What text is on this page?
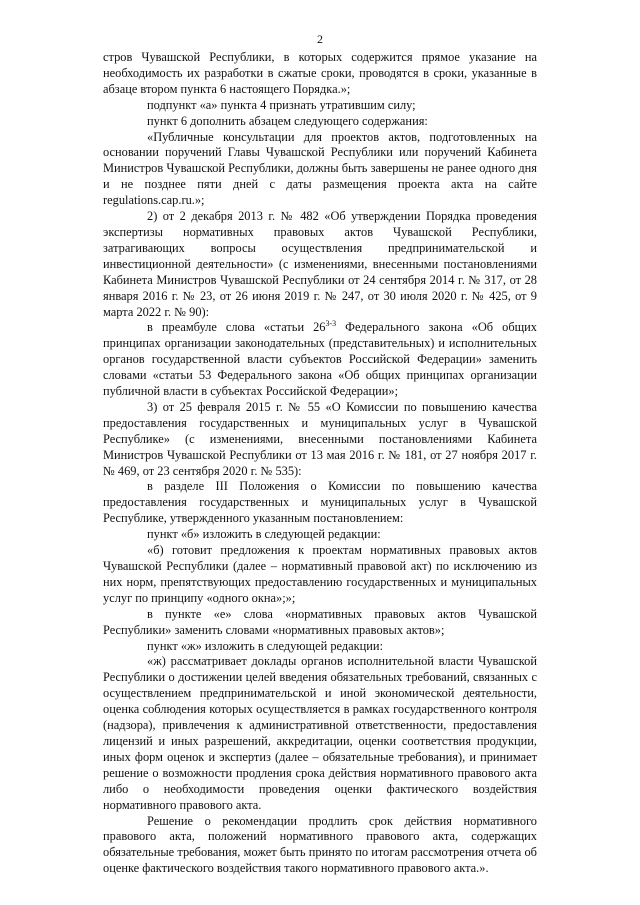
2

стров Чувашской Республики, в которых содержится прямое указание на необходимость их разработки в сжатые сроки, проводятся в сроки, указанные в абзаце втором пункта 6 настоящего Порядка.»;

подпункт «а» пункта 4 признать утратившим силу;

пункт 6 дополнить абзацем следующего содержания:

«Публичные консультации для проектов актов, подготовленных на основании поручений Главы Чувашской Республики или поручений Кабинета Министров Чувашской Республики, должны быть завершены не ранее одного дня и не позднее пяти дней с даты размещения проекта акта на сайте regulations.cap.ru.»;

2) от 2 декабря 2013 г. № 482 «Об утверждении Порядка проведения экспертизы нормативных правовых актов Чувашской Республики, затрагивающих вопросы осуществления предпринимательской и инвестиционной деятельности» (с изменениями, внесенными постановлениями Кабинета Министров Чувашской Республики от 24 сентября 2014 г. № 317, от 28 января 2016 г. № 23, от 26 июня 2019 г. № 247, от 30 июля 2020 г. № 425, от 9 марта 2022 г. № 90):

в преамбуле слова «статьи 26$^{3-3}$ Федерального закона «Об общих принципах организации законодательных (представительных) и исполнительных органов государственной власти субъектов Российской Федерации» заменить словами «статьи 53 Федерального закона «Об общих принципах организации публичной власти в субъектах Российской Федерации»;

3) от 25 февраля 2015 г. № 55 «О Комиссии по повышению качества предоставления государственных и муниципальных услуг в Чувашской Республике» (с изменениями, внесенными постановлениями Кабинета Министров Чувашской Республики от 13 мая 2016 г. № 181, от 27 ноября 2017 г. № 469, от 23 сентября 2020 г. № 535):

в разделе III Положения о Комиссии по повышению качества предоставления государственных и муниципальных услуг в Чувашской Республике, утвержденного указанным постановлением:

пункт «б» изложить в следующей редакции:

«б) готовит предложения к проектам нормативных правовых актов Чувашской Республики (далее – нормативный правовой акт) по исключению из них норм, препятствующих предоставлению государственных и муниципальных услуг по принципу «одного окна»;»;

в пункте «е» слова «нормативных правовых актов Чувашской Республики» заменить словами «нормативных правовых актов»;

пункт «ж» изложить в следующей редакции:

«ж) рассматривает доклады органов исполнительной власти Чувашской Республики о достижении целей введения обязательных требований, связанных с осуществлением предпринимательской и иной экономической деятельности, оценка соблюдения которых осуществляется в рамках государственного контроля (надзора), привлечения к административной ответственности, предоставления лицензий и иных разрешений, аккредитации, оценки соответствия продукции, иных форм оценок и экспертиз (далее – обязательные требования), и принимает решение о возможности продления срока действия нормативного правового акта либо о необходимости проведения оценки фактического воздействия нормативного правового акта.

Решение о рекомендации продлить срок действия нормативного правового акта, положений нормативного правового акта, содержащих обязательные требования, может быть принято по итогам рассмотрения отчета об оценке фактического воздействия такого нормативного правового акта.».
